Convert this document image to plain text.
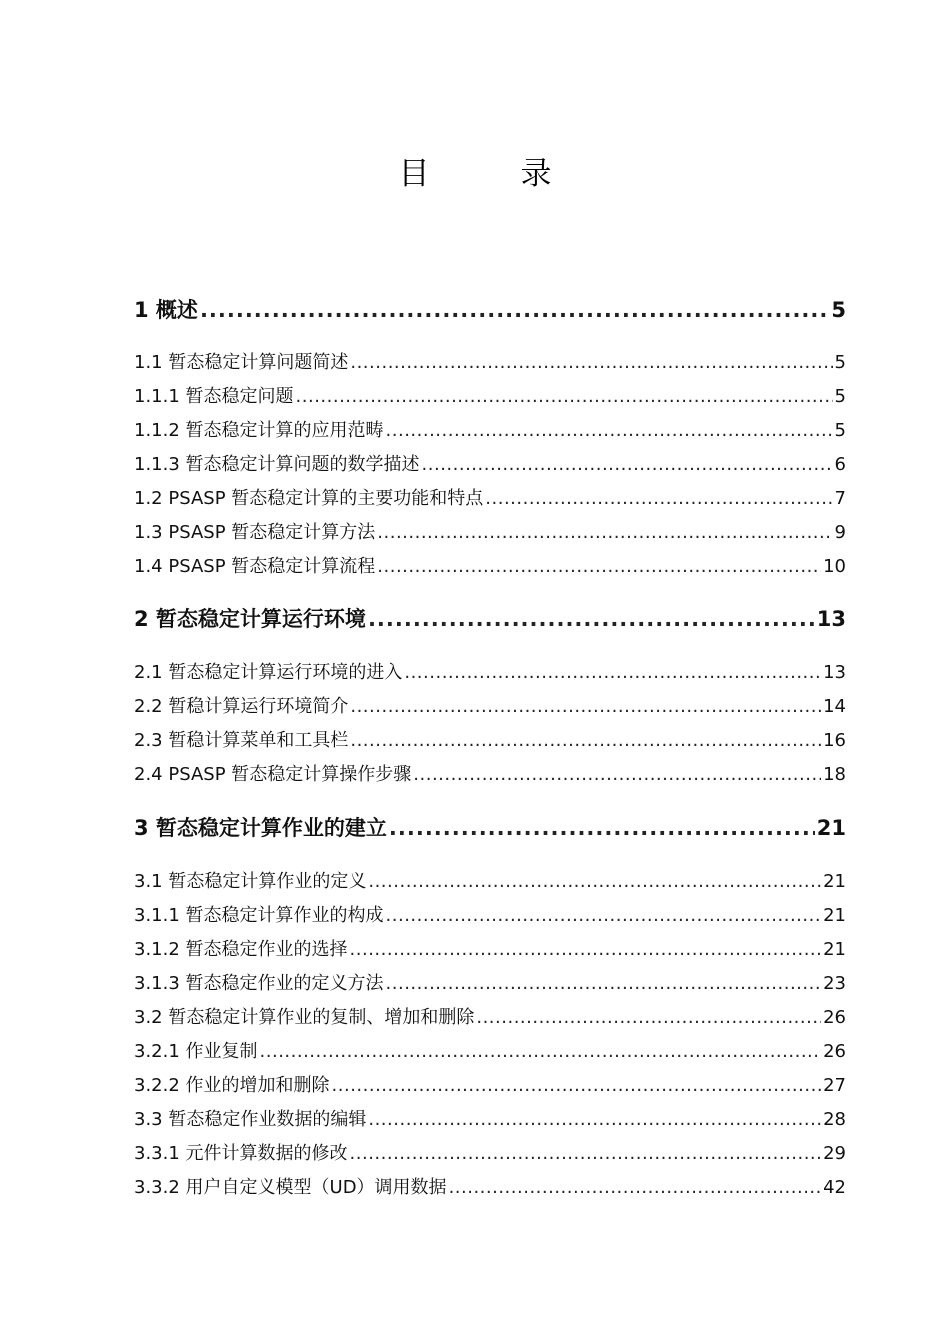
目　录
1 概述 .....	5
1.1 暂态稳定计算问题简述 .....	5
1.1.1 暂态稳定问题 .....	5
1.1.2 暂态稳定计算的应用范畴 .....	5
1.1.3 暂态稳定计算问题的数学描述 .....	6
1.2 PSASP 暂态稳定计算的主要功能和特点 .....	7
1.3 PSASP 暂态稳定计算方法 .....	9
1.4 PSASP 暂态稳定计算流程 .....	10
2 暂态稳定计算运行环境 .....	13
2.1 暂态稳定计算运行环境的进入 .....	13
2.2 暂稳计算运行环境简介 .....	14
2.3 暂稳计算菜单和工具栏 .....	16
2.4 PSASP 暂态稳定计算操作步骤 .....	18
3 暂态稳定计算作业的建立 .....	21
3.1 暂态稳定计算作业的定义 .....	21
3.1.1 暂态稳定计算作业的构成 .....	21
3.1.2 暂态稳定作业的选择 .....	21
3.1.3 暂态稳定作业的定义方法 .....	23
3.2 暂态稳定计算作业的复制、增加和删除 .....	26
3.2.1 作业复制 .....	26
3.2.2 作业的增加和删除 .....	27
3.3 暂态稳定作业数据的编辑 .....	28
3.3.1 元件计算数据的修改 .....	29
3.3.2 用户自定义模型（UD）调用数据 .....	42
